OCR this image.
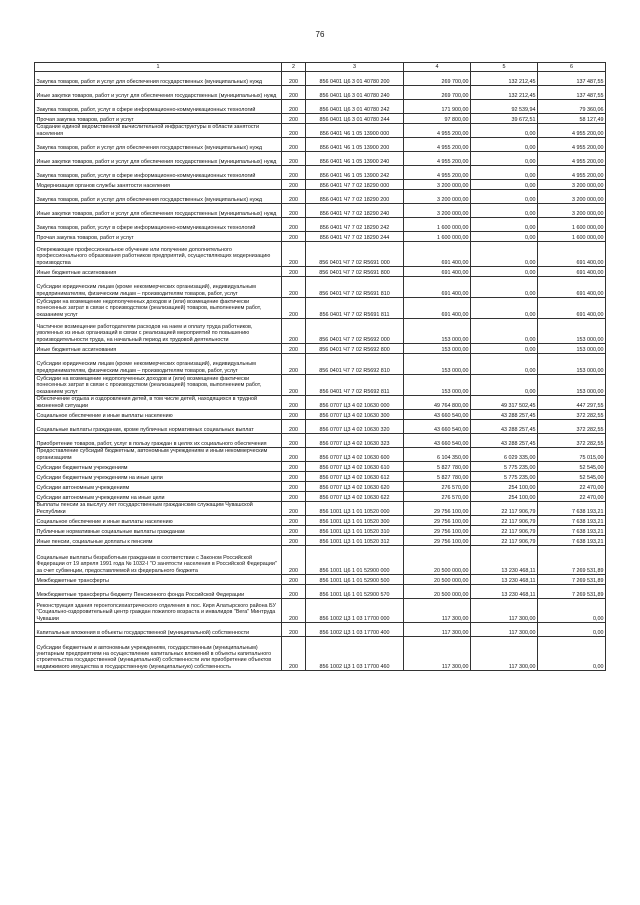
76
1	2	3	4	5	6
Закупка товаров, работ и услуг для обеспечения государственных (муниципальных) нужд	200	856 0401 Ц6 3 01 40780 200	269 700,00	132 212,45	137 487,55
Иные закупки товаров, работ и услуг для обеспечения государственных (муниципальных) нужд	200	856 0401 Ц6 3 01 40780 240	269 700,00	132 212,45	137 487,55
Закупка товаров, работ, услуг в сфере информационно-коммуникационных технологий	200	856 0401 Ц6 3 01 40780 242	171 900,00	92 539,94	79 360,06
Прочая закупка товаров, работ и услуг	200	856 0401 Ц6 3 01 40780 244	97 800,00	39 672,51	58 127,49
Создание единой ведомственной вычислительной инфраструктуры в области занятости населения	200	856 0401 Ч6 1 05 13900 000	4 955 200,00	0,00	4 955 200,00
Закупка товаров, работ и услуг для обеспечения государственных (муниципальных) нужд	200	856 0401 Ч6 1 05 13900 200	4 955 200,00	0,00	4 955 200,00
Иные закупки товаров, работ и услуг для обеспечения государственных (муниципальных) нужд	200	856 0401 Ч6 1 05 13900 240	4 955 200,00	0,00	4 955 200,00
Закупка товаров, работ, услуг в сфере информационно-коммуникационных технологий	200	856 0401 Ч6 1 05 13900 242	4 955 200,00	0,00	4 955 200,00
Модернизация органов службы занятости населения	200	856 0401 Ч7 7 02 18290 000	3 200 000,00	0,00	3 200 000,00
Закупка товаров, работ и услуг для обеспечения государственных (муниципальных) нужд	200	856 0401 Ч7 7 02 18290 200	3 200 000,00	0,00	3 200 000,00
Иные закупки товаров, работ и услуг для обеспечения государственных (муниципальных) нужд	200	856 0401 Ч7 7 02 18290 240	3 200 000,00	0,00	3 200 000,00
Закупка товаров, работ, услуг в сфере информационно-коммуникационных технологий	200	856 0401 Ч7 7 02 18290 242	1 600 000,00	0,00	1 600 000,00
Прочая закупка товаров, работ и услуг	200	856 0401 Ч7 7 02 18290 244	1 600 000,00	0,00	1 600 000,00
Опережающее профессиональное обучение или получение дополнительного профессионального образования работников предприятий, осуществляющих модернизацию производства	200	856 0401 Ч7 7 02 R5691 000	691 400,00	0,00	691 400,00
Иные бюджетные ассигнования	200	856 0401 Ч7 7 02 R5691 800	691 400,00	0,00	691 400,00
Субсидии юридическим лицам (кроме некоммерческих организаций), индивидуальным предпринимателям, физическим лицам – производителям товаров, работ, услуг	200	856 0401 Ч7 7 02 R5691 810	691 400,00	0,00	691 400,00
Субсидии на возмещение недополученных доходов и (или) возмещение фактически понесенных затрат в связи с производством (реализацией) товаров, выполнением работ, оказанием услуг	200	856 0401 Ч7 7 02 R5691 811	691 400,00	0,00	691 400,00
Частичное возмещение работодателям расходов на наем и оплату труда работников, уволенных из иных организаций в связи с реализацией мероприятий по повышению производительности труда, на начальный период их трудовой деятельности	200	856 0401 Ч7 7 02 R5692 000	153 000,00	0,00	153 000,00
Иные бюджетные ассигнования	200	856 0401 Ч7 7 02 R5692 800	153 000,00	0,00	153 000,00
Субсидии юридическим лицам (кроме некоммерческих организаций), индивидуальным предпринимателям, физическим лицам – производителям товаров, работ, услуг	200	856 0401 Ч7 7 02 R5692 810	153 000,00	0,00	153 000,00
Субсидии на возмещение недополученных доходов и (или) возмещение фактически понесенных затрат в связи с производством (реализацией) товаров, выполнением работ, оказанием услуг	200	856 0401 Ч7 7 02 R5692 811	153 000,00	0,00	153 000,00
Обеспечение отдыха и оздоровления детей, в том числе детей, находящихся в трудной жизненной ситуации	200	856 0707 Ц3 4 02 10630 000	49 764 800,00	49 317 502,45	447 297,55
Социальное обеспечение и иные выплаты населению	200	856 0707 Ц3 4 02 10630 300	43 660 540,00	43 288 257,45	372 282,55
Социальные выплаты гражданам, кроме публичных нормативных социальных выплат	200	856 0707 Ц3 4 02 10630 320	43 660 540,00	43 288 257,45	372 282,55
Приобретение товаров, работ, услуг в пользу граждан в целях их социального обеспечения	200	856 0707 Ц3 4 02 10630 323	43 660 540,00	43 288 257,45	372 282,55
Предоставление субсидий бюджетным, автономным учреждениям и иным некоммерческим организациям	200	856 0707 Ц3 4 02 10630 600	6 104 350,00	6 029 335,00	75 015,00
Субсидии бюджетным учреждениям	200	856 0707 Ц3 4 02 10630 610	5 827 780,00	5 775 235,00	52 545,00
Субсидии бюджетным учреждениям на иные цели	200	856 0707 Ц3 4 02 10630 612	5 827 780,00	5 775 235,00	52 545,00
Субсидии автономным учреждениям	200	856 0707 Ц3 4 02 10630 620	276 570,00	254 100,00	22 470,00
Субсидии автономным учреждениям на иные цели	200	856 0707 Ц3 4 02 10630 622	276 570,00	254 100,00	22 470,00
Выплаты пенсии за выслугу лет государственным гражданским служащим Чувашской Республики	200	856 1001 Ц3 1 01 10520 000	29 756 100,00	22 117 906,79	7 638 193,21
Социальное обеспечение и иные выплаты населению	200	856 1001 Ц3 1 01 10520 300	29 756 100,00	22 117 906,79	7 638 193,21
Публичные нормативные социальные выплаты гражданам	200	856 1001 Ц3 1 01 10520 310	29 756 100,00	22 117 906,79	7 638 193,21
Иные пенсии, социальные доплаты к пенсиям	200	856 1001 Ц3 1 01 10520 312	29 756 100,00	22 117 906,79	7 638 193,21
Социальные выплаты безработным гражданам в соответствии с Законом Российской Федерации от 19 апреля 1991 года № 1032-I "О занятости населения в Российской Федерации" за счет субвенции, предоставляемой из федерального бюджета	200	856 1001 Ц6 1 01 52900 000	20 500 000,00	13 230 468,11	7 269 531,89
Межбюджетные трансферты	200	856 1001 Ц6 1 01 52900 500	20 500 000,00	13 230 468,11	7 269 531,89
Межбюджетные трансферты бюджету Пенсионного фонда Российской Федерации	200	856 1001 Ц6 1 01 52900 570	20 500 000,00	13 230 468,11	7 269 531,89
Реконструкция здания геронтопсихиатрического отделения в пос. Киря Алатырского района БУ "Социально-оздоровительный центр граждан пожилого возраста и инвалидов "Вега" Минтруда Чувашии	200	856 1002 Ц3 1 03 17700 000	117 300,00	117 300,00	0,00
Капитальные вложения в объекты государственной (муниципальной) собственности	200	856 1002 Ц3 1 03 17700 400	117 300,00	117 300,00	0,00
Субсидии бюджетным и автономным учреждениям, государственным (муниципальным) унитарным предприятиям на осуществление капитальных вложений в объекты капитального строительства государственной (муниципальной) собственности или приобретение объектов недвижимого имущества в государственную (муниципальную) собственность	200	856 1002 Ц3 1 03 17700 460	117 300,00	117 300,00	0,00
